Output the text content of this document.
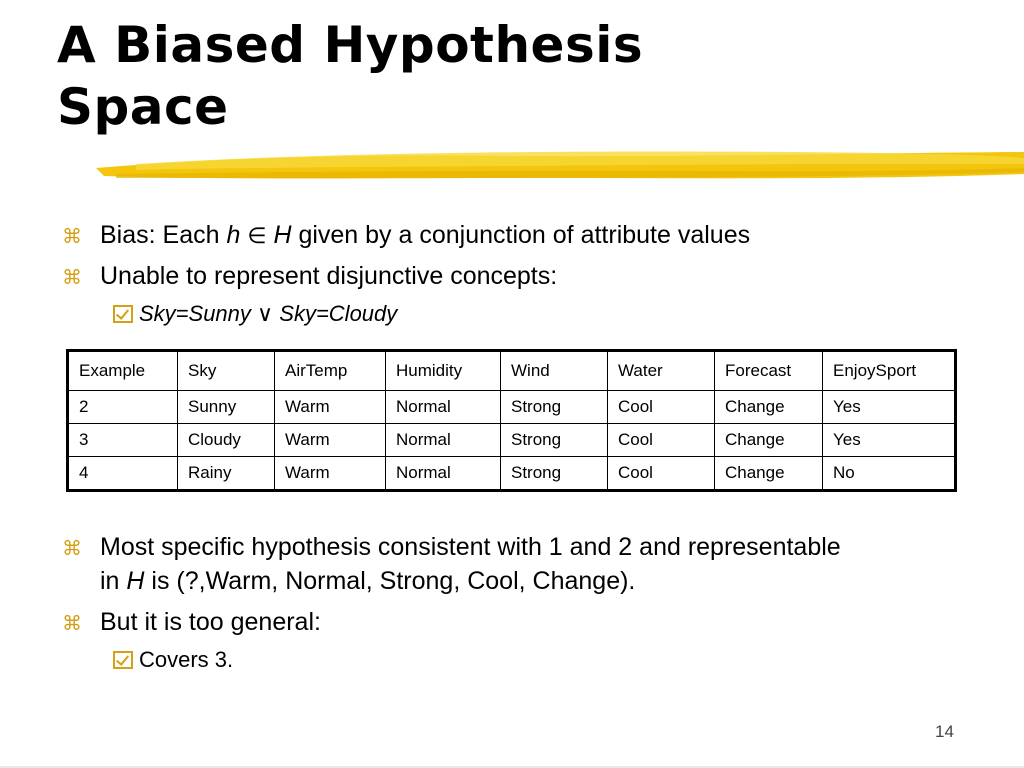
A Biased Hypothesis
Space
⌘ Bias: Each h ∈ H given by a conjunction of attribute values
⌘ Unable to represent disjunctive concepts:
Sky=Sunny ∨ Sky=Cloudy
Example	Sky	AirTemp	Humidity	Wind	Water	Forecast	EnjoySport
2	Sunny	Warm	Normal	Strong	Cool	Change	Yes
3	Cloudy	Warm	Normal	Strong	Cool	Change	Yes
4	Rainy	Warm	Normal	Strong	Cool	Change	No
⌘ Most specific hypothesis consistent with 1 and 2 and representable
in H is (?,Warm, Normal, Strong, Cool, Change).
⌘ But it is too general:
Covers 3.
14
